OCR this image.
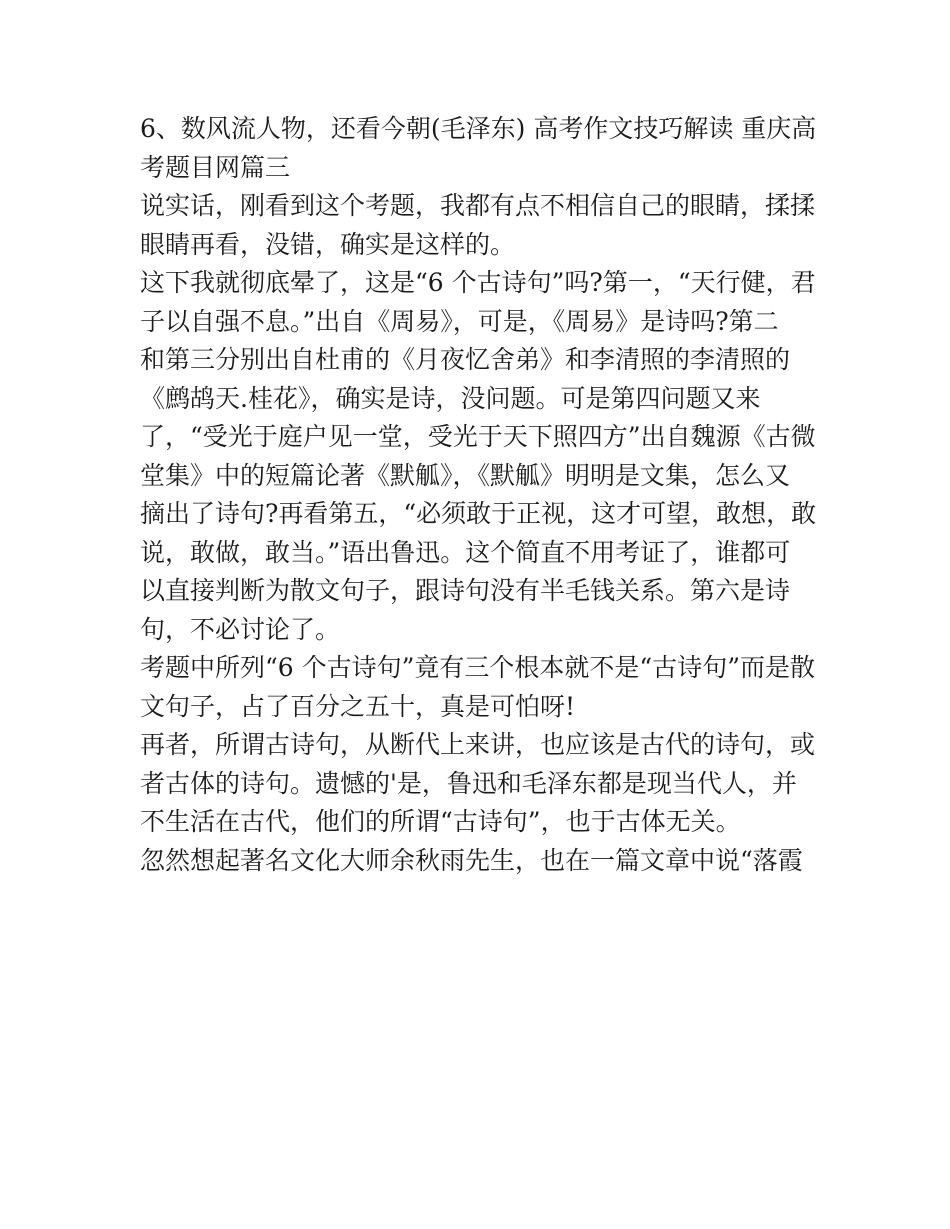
6、数风流人物，还看今朝(毛泽东) 高考作文技巧解读 重庆高
考题目网篇三
说实话，刚看到这个考题，我都有点不相信自己的眼睛，揉揉
眼睛再看，没错，确实是这样的。
这下我就彻底晕了，这是“6 个古诗句”吗?第一，“天行健，君
子以自强不息。”出自《周易》，可是，《周易》是诗吗?第二
和第三分别出自杜甫的《月夜忆舍弟》和李清照的李清照的
《鹧鸪天.桂花》，确实是诗，没问题。可是第四问题又来
了，“受光于庭户见一堂，受光于天下照四方”出自魏源《古微
堂集》中的短篇论著《默觚》，《默觚》明明是文集，怎么又
摘出了诗句?再看第五，“必须敢于正视，这才可望，敢想，敢
说，敢做，敢当。”语出鲁迅。这个简直不用考证了，谁都可
以直接判断为散文句子，跟诗句没有半毛钱关系。第六是诗
句，不必讨论了。
考题中所列“6 个古诗句”竟有三个根本就不是“古诗句”而是散
文句子，占了百分之五十，真是可怕呀!
再者，所谓古诗句，从断代上来讲，也应该是古代的诗句，或
者古体的诗句。遗憾的'是，鲁迅和毛泽东都是现当代人，并
不生活在古代，他们的所谓“古诗句”，也于古体无关。
忽然想起著名文化大师余秋雨先生，也在一篇文章中说“落霞
